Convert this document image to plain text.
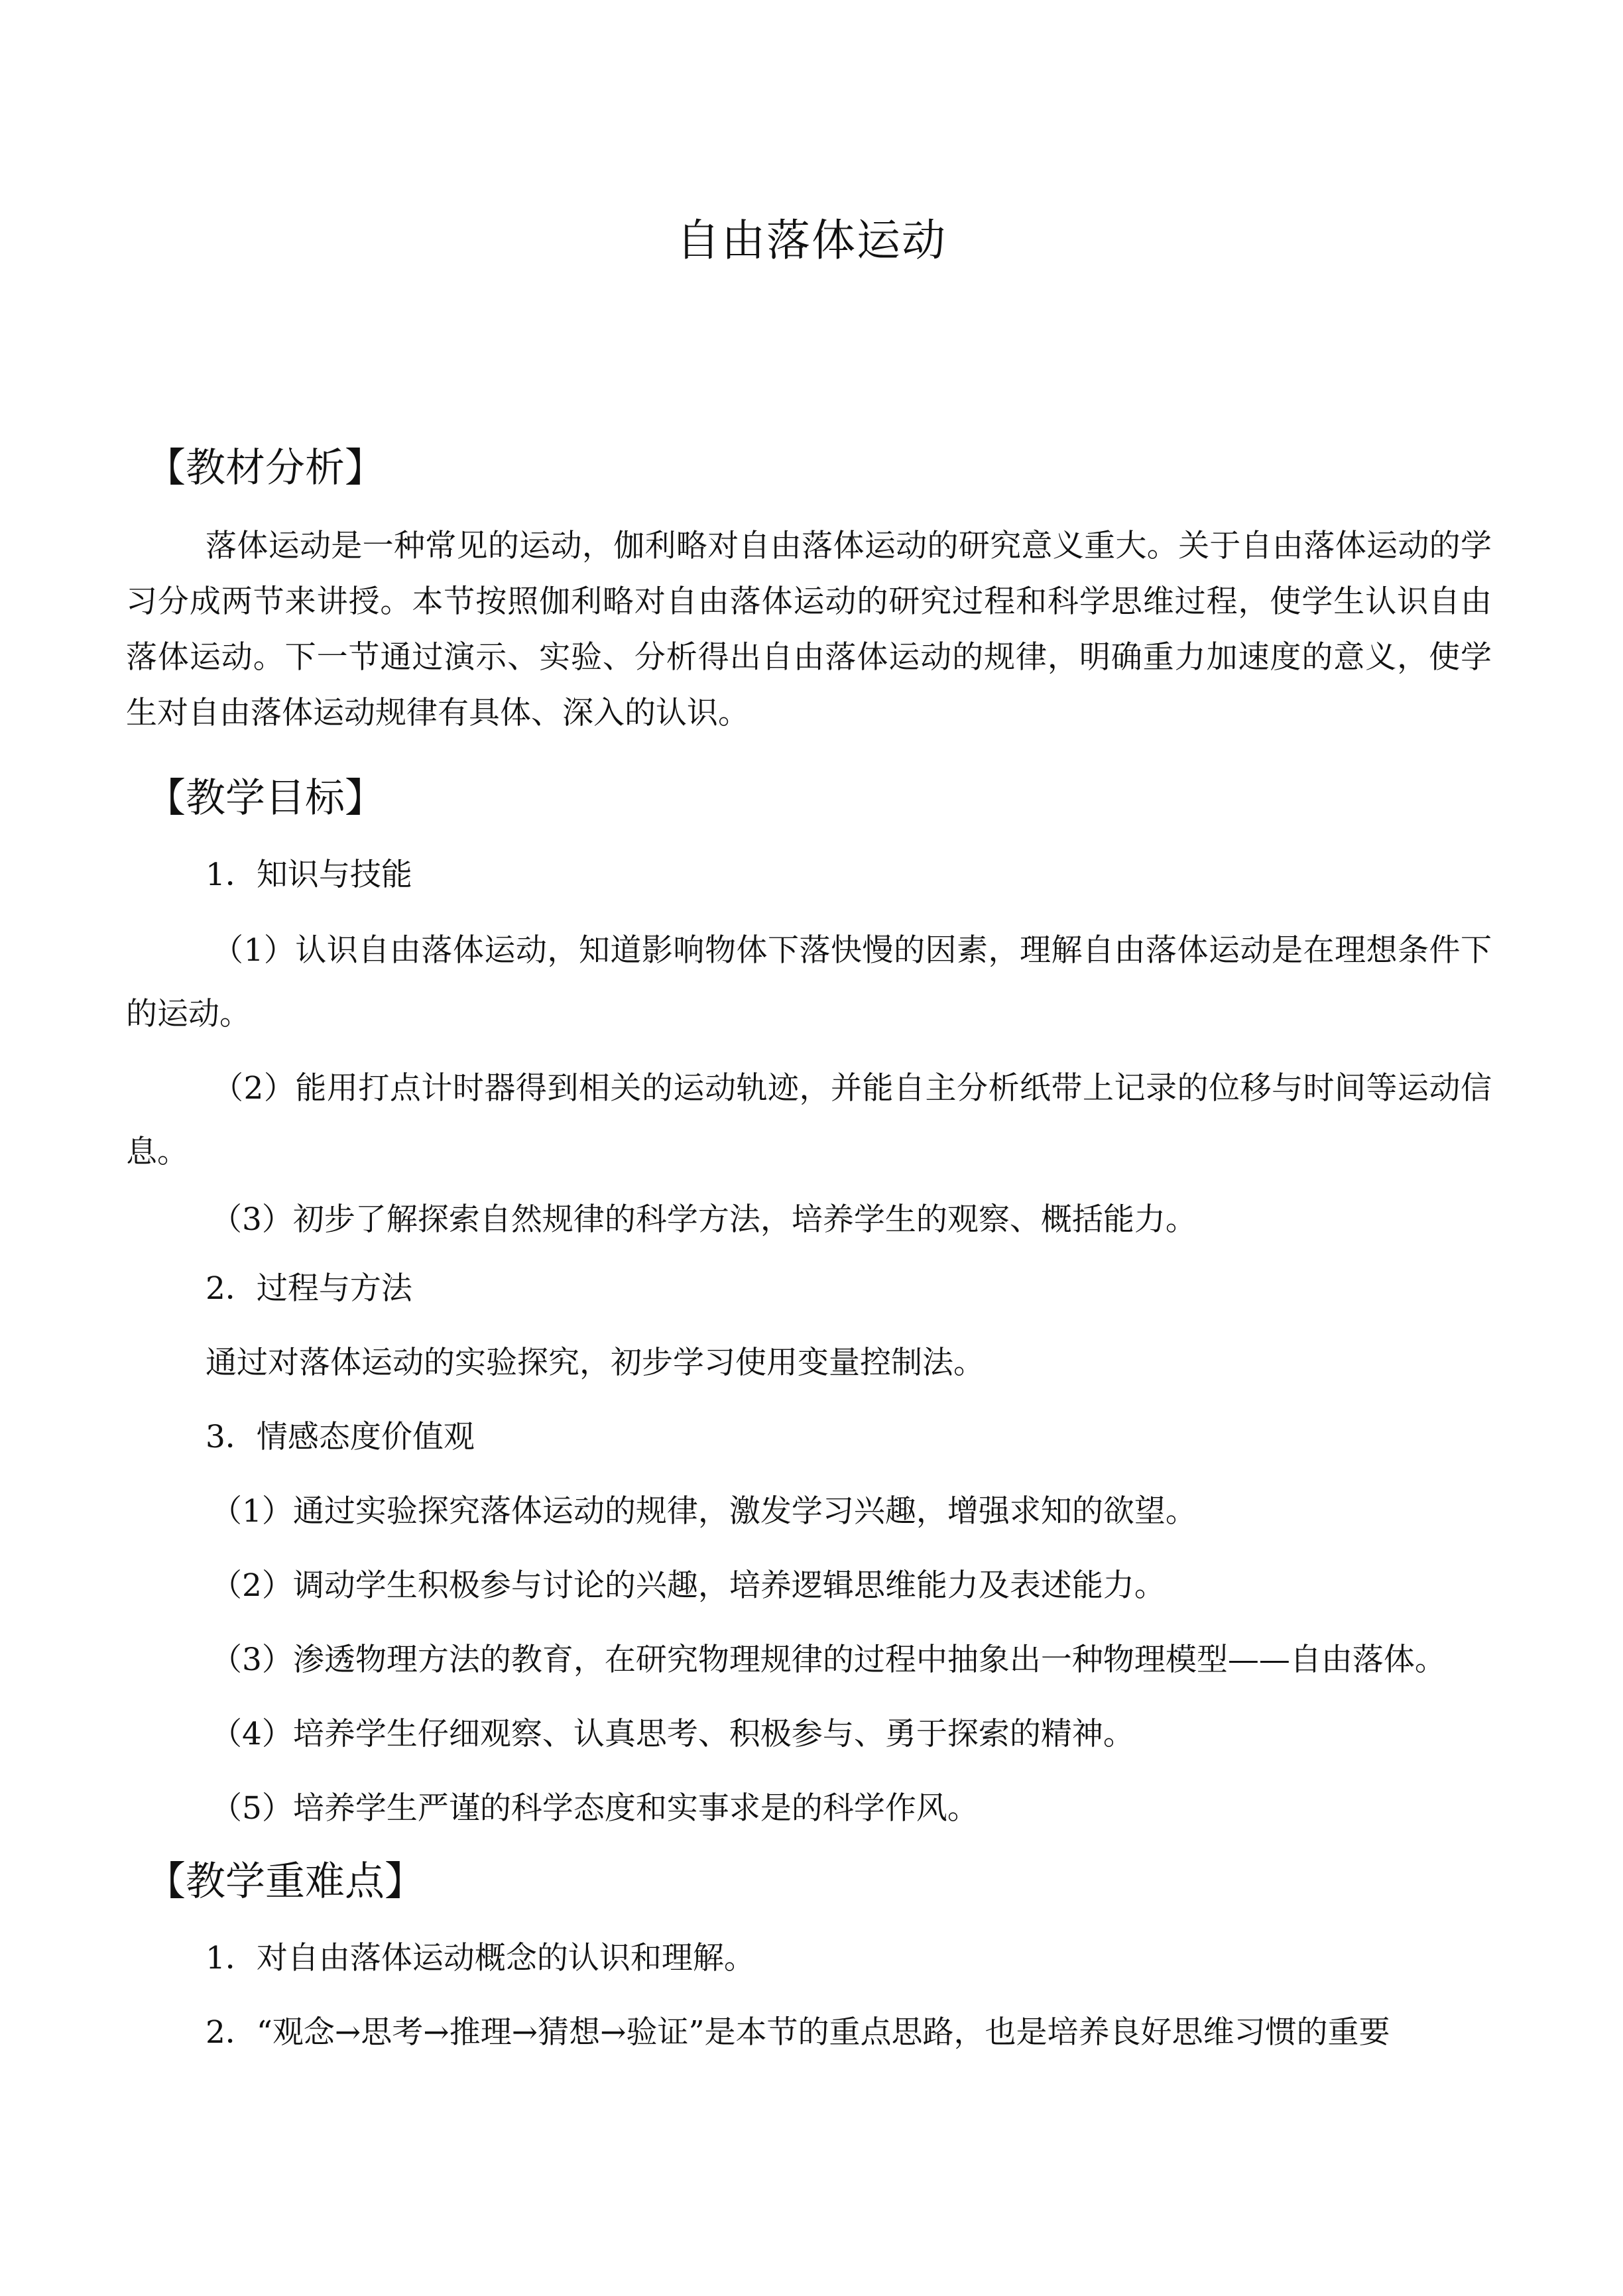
自由落体运动
【教材分析】
落体运动是一种常见的运动，伽利略对自由落体运动的研究意义重大。关于自由落体运动的学习分成两节来讲授。本节按照伽利略对自由落体运动的研究过程和科学思维过程，使学生认识自由落体运动。下一节通过演示、实验、分析得出自由落体运动的规律，明确重力加速度的意义，使学生对自由落体运动规律有具体、深入的认识。
【教学目标】
1．知识与技能
（1）认识自由落体运动，知道影响物体下落快慢的因素，理解自由落体运动是在理想条件下的运动。
（2）能用打点计时器得到相关的运动轨迹，并能自主分析纸带上记录的位移与时间等运动信息。
（3）初步了解探索自然规律的科学方法，培养学生的观察、概括能力。
2．过程与方法
通过对落体运动的实验探究，初步学习使用变量控制法。
3．情感态度价值观
（1）通过实验探究落体运动的规律，激发学习兴趣，增强求知的欲望。
（2）调动学生积极参与讨论的兴趣，培养逻辑思维能力及表述能力。
（3）渗透物理方法的教育，在研究物理规律的过程中抽象出一种物理模型——自由落体。
（4）培养学生仔细观察、认真思考、积极参与、勇于探索的精神。
（5）培养学生严谨的科学态度和实事求是的科学作风。
【教学重难点】
1．对自由落体运动概念的认识和理解。
2．“观念→思考→推理→猜想→验证”是本节的重点思路，也是培养良好思维习惯的重要
